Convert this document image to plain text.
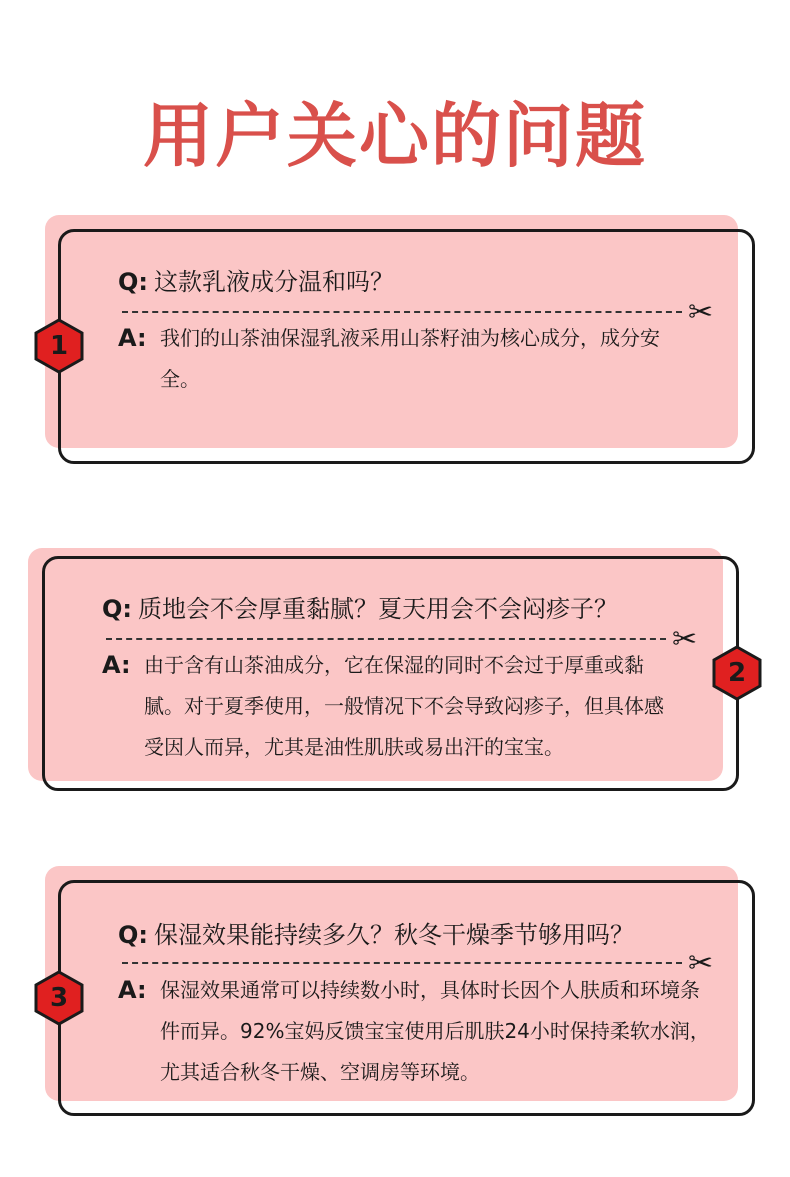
用户关心的问题
Q: 这款乳液成分温和吗？
✂
A: 我们的山茶油保湿乳液采用山茶籽油为核心成分，成分安全。
1
Q: 质地会不会厚重黏腻？夏天用会不会闷疹子？
✂
A: 由于含有山茶油成分，它在保湿的同时不会过于厚重或黏腻。对于夏季使用，一般情况下不会导致闷疹子，但具体感受因人而异，尤其是油性肌肤或易出汗的宝宝。
2
Q: 保湿效果能持续多久？秋冬干燥季节够用吗？
✂
A: 保湿效果通常可以持续数小时，具体时长因个人肤质和环境条件而异。92%宝妈反馈宝宝使用后肌肤24小时保持柔软水润，尤其适合秋冬干燥、空调房等环境。
3
